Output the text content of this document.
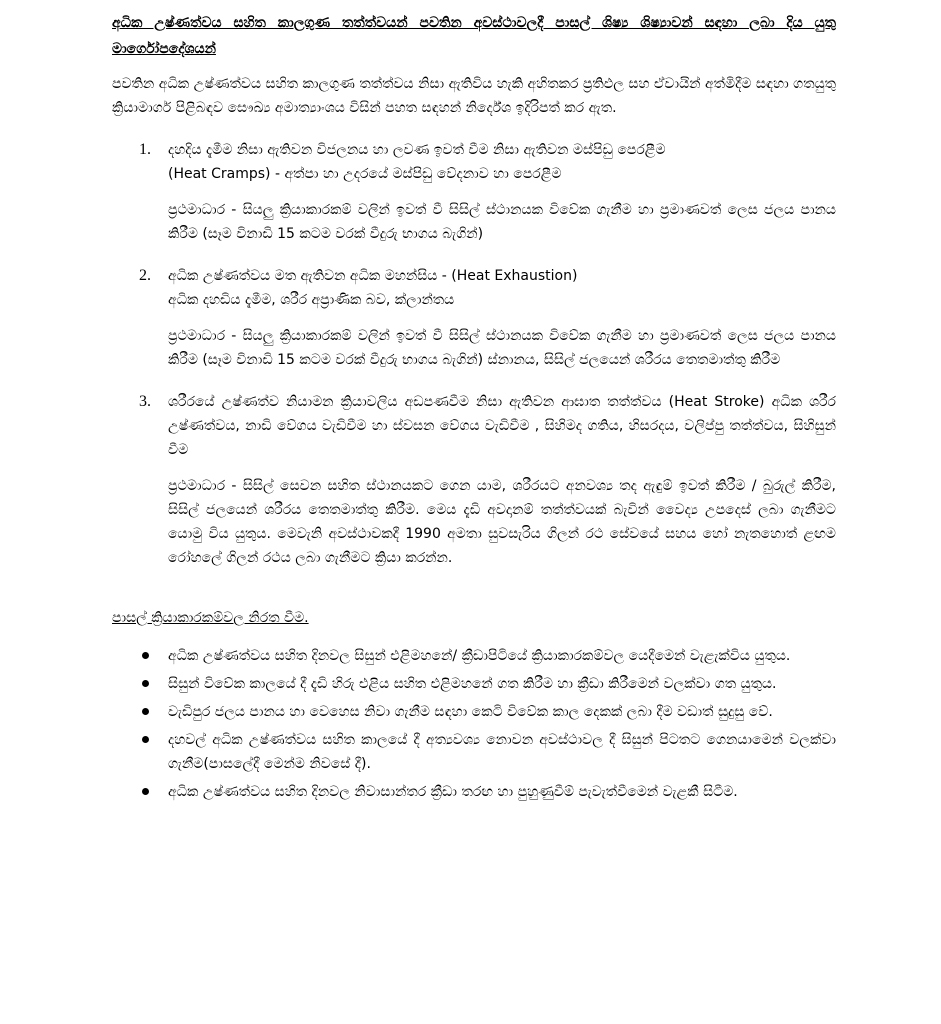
අධික උෂ්ණත්වය සහිත කාලගුණ තත්ත්වයන් පවතින අවස්ථාවලදී පාසල් ශිෂ්‍ය ශිෂ්‍යාවන් සඳහා ලබා දිය යුතු මාර්ගෝපදේශයන්

පවතින අධික උෂ්ණත්වය සහිත කාලගුණ තත්ත්වය නිසා ඇතිවිය හැකි අහිතකර ප්‍රතිඵල සහ ඒවායින් අත්මිදීම සඳහා ගතයුතු ක්‍රියාමාර්ග පිළිබඳව සෞඛ්‍ය අමාත්‍යාංශය විසින් පහත සඳහන් නිර්දේශ ඉදිරිපත් කර ඇත.

1. දහදිය දැමීම නිසා ඇතිවන විජලනය හා ලවණ ඉවත් වීම නිසා ඇතිවන මස්පිඩු පෙරළීම
(Heat Cramps) - අත්පා හා උදරයේ මස්පිඩු වේදනාව හා පෙරළීම

ප්‍රථමාධාර - සියලු ක්‍රියාකාරකම් වලින් ඉවත් වී සිසිල් ස්ථානයක විවේක ගැනීම හා ප්‍රමාණවත් ලෙස ජලය පානය කිරීම (සෑම විනාඩි 15 කටම වරක් වීදුරු භාගය බැගින්)

2. අධික උෂ්ණත්වය මත ඇතිවන අධික මහන්සිය - (Heat Exhaustion)
අධික දහඩිය දැමීම, ශරීර අප්‍රාණික බව, ක්ලාන්තය

ප්‍රථමාධාර - සියලු ක්‍රියාකාරකම් වලින් ඉවත් වී සිසිල් ස්ථානයක විවේක ගැනීම හා ප්‍රමාණවත් ලෙස ජලය පානය කිරීම (සෑම විනාඩි 15 කටම වරක් වීදුරු භාගය බැගින්) ස්නානය, සිසිල් ජලයෙන් ශරීරය තෙතමාත්තු කිරීම

3. ශරීරයේ උෂ්ණත්ව නියාමන ක්‍රියාවලිය අඩපණවීම නිසා ඇතිවන ආඝාත තත්ත්වය (Heat Stroke) අධික ශරීර උෂ්ණත්වය, නාඩි වේගය වැඩිවීම හා ස්වසන වේගය වැඩිවීම , සිහිමද ගතිය, හිසරදය, වලිප්පු තත්ත්වය, සිහිසුන් වීම

ප්‍රථමාධාර - සිසිල් සෙවන සහිත ස්ථානයකට ගෙන යාම, ශරීරයට අනවශ්‍ය තද ඇඳුම් ඉවත් කිරීම / බුරුල් කිරීම, සිසිල් ජලයෙන් ශරීරය තෙතමාත්තු කිරීම. මෙය දැඩි අවදානම් තත්ත්වයක් බැවින් වෛද්‍ය උපදෙස් ලබා ගැනීමට යොමු විය යුතුය. මෙවැනි අවස්ථාවකදී 1990 අමතා සුවසැරිය ගිලන් රථ සේවයේ සහය හෝ නැතහොත් ළඟම රෝහලේ ගිලන් රථය ලබා ගැනීමට ක්‍රියා කරන්න.

පාසල් ක්‍රියාකාරකම්වල නිරත වීම.

අධික උෂ්ණත්වය සහිත දිනවල සිසුන් එළිමහනේ/ ක්‍රීඩාපිටියේ ක්‍රියාකාරකම්වල යෙදීමෙන් වැළැක්විය යුතුය.

සිසුන් විවේක කාලයේ දී දැඩි හිරු එළිය සහිත එළිමහනේ ගත කිරීම හා ක්‍රීඩා කිරීමෙන් වලක්වා ගත යුතුය.

වැඩිපුර ජලය පානය හා වෙහෙස නිවා ගැනීම සඳහා කෙටි විවේක කාල දෙකක් ලබා දීම වඩාත් සුදුසු වේ.

දහවල් අධික උෂ්ණත්වය සහිත කාලයේ දී අත්‍යවශ්‍ය නොවන අවස්ථාවල දී සිසුන් පිටතට ගෙනයාමෙන් වලක්වා ගැනීම(පාසලේදී මෙන්ම නිවසේ දී).

අධික උෂ්ණත්වය සහිත දිනවල නිවාසාන්තර ක්‍රීඩා තරඟ හා පුහුණුවීම් පැවැත්වීමෙන් වැළකී සිටීම.
